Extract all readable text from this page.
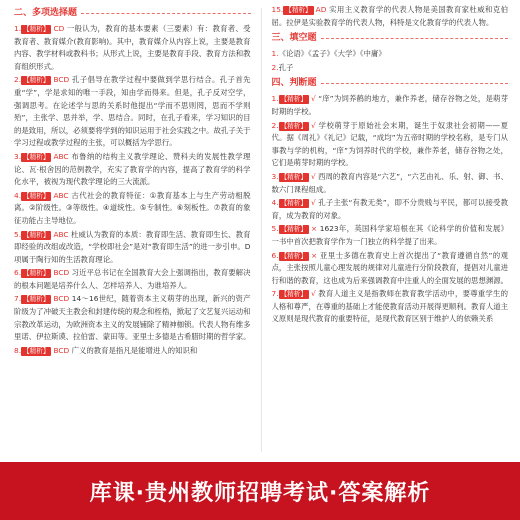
二、多项选择题

1. 【精析】 CD 一般认为，教育的基本要素（三要素）有：教育者、受教育者、教育媒介(教育影响)。其中，教育媒介从内容上说，主要是教育内容、教学材料或教科书；从形式上说，主要是教育手段、教育方法和教育组织形式。

2. 【精析】 BCD 孔子倡导在教学过程中要做到学思行结合。孔子首先重“学”，学是求知的唯一手段，知由学而得来。但是，孔子反对空学，强调思考。在论述学与思的关系时他提出“学而不思则罔，思而不学则殆”，主张学、思并举，学、思结合。同时，在孔子看来，学习知识的目的是致用，所以，必须要将学到的知识运用于社会实践之中。故孔子关于学习过程或教学过程的主张，可以概括为学思行。

3. 【精析】 ABC 布鲁纳的结构主义教学理论、赞科夫的发展性教学理论、瓦·根舍因的范例教学，充实了教育学的内容，提高了教育学的科学化水平，被视为现代教学理论的三大流派。

4. 【精析】 ABC 古代社会的教育特征：①教育基本上与生产劳动相脱离。②阶级性。③等级性。④道统性。⑤专制性。⑥刻板性。⑦教育的象征功能占主导地位。

5. 【精析】 ABC 杜威认为教育的本质：教育即生活、教育即生长、教育即经验的改组或改造，“学校即社会”是对“教育即生活”的进一步引申。D项属于陶行知的生活教育理论。

6. 【精析】 BCD 习近平总书记在全国教育大会上强调指出，教育要解决的根本问题是培养什么人、怎样培养人、为谁培养人。

7. 【精析】 BCD 14～16世纪，随着资本主义萌芽的出现，新兴的资产阶级为了冲破天主教会和封建传统的观念和桎梏，掀起了文艺复兴运动和宗教改革运动，为欧洲资本主义的发展铺除了精神枷锁。代表人物有维多里诺、伊拉斯谟、拉伯雷、蒙田等。亚里士多德是古希腊时期的哲学家。

8. 【精析】 BCD 广义的教育是指凡是能增进人的知识和

15. 【精析】 AD 实用主义教育学的代表人物是美国教育家杜威和克伯屈。拉伊是实验教育学的代表人物，科特是文化教育学的代表人物。

三、填空题

1.《论语》《孟子》《大学》《中庸》

2.孔子

四、判断题

1. 【精析】 √ “庠”为饲养鹤的地方，兼作养老，储存谷物之处，是萌芽时期的学校。

2. 【精析】 √ 学校萌芽于原始社会末期，诞生于奴隶社会初期——夏代。据《周礼》《礼记》记载，“成均”为五帝时期的学校名称，是专门从事教与学的机构，“庠”为饲养时代的学校，兼作养老，储存谷物之处，它们是萌芽时期的学校。

3. 【精析】 √ 西周的教育内容是“六艺”，“六艺由礼、乐、射、御、书、数六门课程组成。

4. 【精析】 √ 孔子主张“有教无类”，即不分贵贱与平民，都可以接受教育，成为教育的对象。

5. 【精析】 × 1623年，英国科学家培根在其《论科学的价值和发展》一书中首次把教育学作为一门独立的科学提了出来。

6. 【精析】 × 亚里士多德在教育史上首次提出了“教育遵循自然”的观点，主张按照儿童心理发展的规律对儿童进行分阶段教育，提倡对儿童进行和谐的教育，这也成为后来强调教育中注重人的全面发展的思想渊源。

7. 【精析】 √ 教育人道主义是指教师在教育教学活动中，要尊重学生的人格和尊严，在尊重的基础上才能使教育活动开展得更顺利。教育人道主义原则是现代教育的重要特征，是现代教育区别于维护人的依赖关系

库课·贵州教师招聘考试·答案解析
